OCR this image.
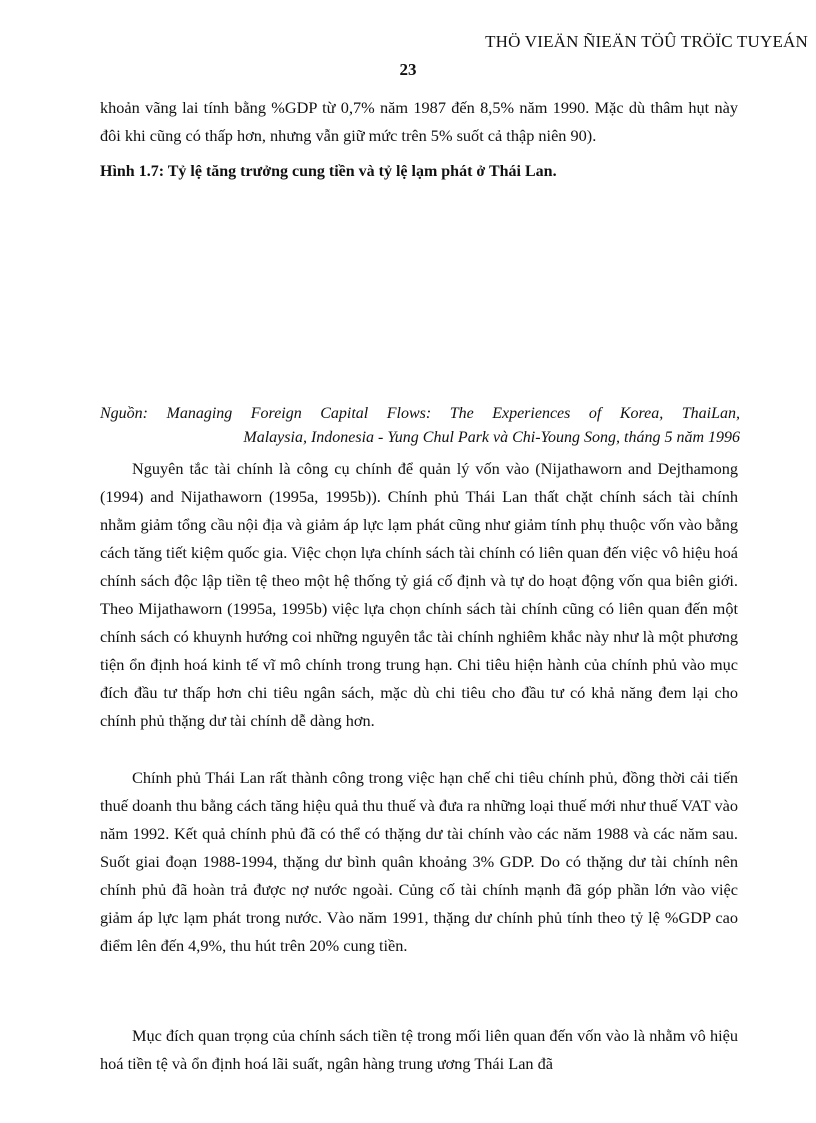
THÖ VIEÄN ÑIEÄN TÖÛ TRÖÏC TUYEÁN
23

khoản vãng lai tính bằng %GDP từ 0,7% năm 1987 đến 8,5% năm 1990. Mặc dù thâm hụt này đôi khi cũng có thấp hơn, nhưng vẫn giữ mức trên 5% suốt cả thập niên 90).

Hình 1.7: Tỷ lệ tăng trưởng cung tiền và tỷ lệ lạm phát ở Thái Lan.
Nguồn: Managing Foreign Capital Flows: The Experiences of Korea, ThaiLan,
Malaysia, Indonesia - Yung Chul Park và Chi-Young Song, tháng 5 năm 1996

Nguyên tắc tài chính là công cụ chính để quản lý vốn vào (Nijathaworn and Dejthamong (1994) and Nijathaworn (1995a, 1995b)). Chính phủ Thái Lan thất chặt chính sách tài chính nhằm giảm tổng cầu nội địa và giảm áp lực lạm phát cũng như giảm tính phụ thuộc vốn vào bằng cách tăng tiết kiệm quốc gia. Việc chọn lựa chính sách tài chính có liên quan đến việc vô hiệu hoá chính sách độc lập tiền tệ theo một hệ thống tỷ giá cố định và tự do hoạt động vốn qua biên giới. Theo Mijathaworn (1995a, 1995b) việc lựa chọn chính sách tài chính cũng có liên quan đến một chính sách có khuynh hướng coi những nguyên tắc tài chính nghiêm khắc này như là một phương tiện ổn định hoá kinh tế vĩ mô chính trong trung hạn. Chi tiêu hiện hành của chính phủ vào mục đích đầu tư thấp hơn chi tiêu ngân sách, mặc dù chi tiêu cho đầu tư có khả năng đem lại cho chính phủ thặng dư tài chính dễ dàng hơn.

Chính phủ Thái Lan rất thành công trong việc hạn chế chi tiêu chính phủ, đồng thời cải tiến thuế doanh thu bằng cách tăng hiệu quả thu thuế và đưa ra những loại thuế mới như thuế VAT vào năm 1992. Kết quả chính phủ đã có thể có thặng dư tài chính vào các năm 1988 và các năm sau. Suốt giai đoạn 1988-1994, thặng dư bình quân khoảng 3% GDP. Do có thặng dư tài chính nên chính phủ đã hoàn trả được nợ nước ngoài. Củng cố tài chính mạnh đã góp phần lớn vào việc giảm áp lực lạm phát trong nước. Vào năm 1991, thặng dư chính phủ tính theo tỷ lệ %GDP cao điểm lên đến 4,9%, thu hút trên 20% cung tiền.

Mục đích quan trọng của chính sách tiền tệ trong mối liên quan đến vốn vào là nhằm vô hiệu hoá tiền tệ và ổn định hoá lãi suất, ngân hàng trung ương Thái Lan đã
